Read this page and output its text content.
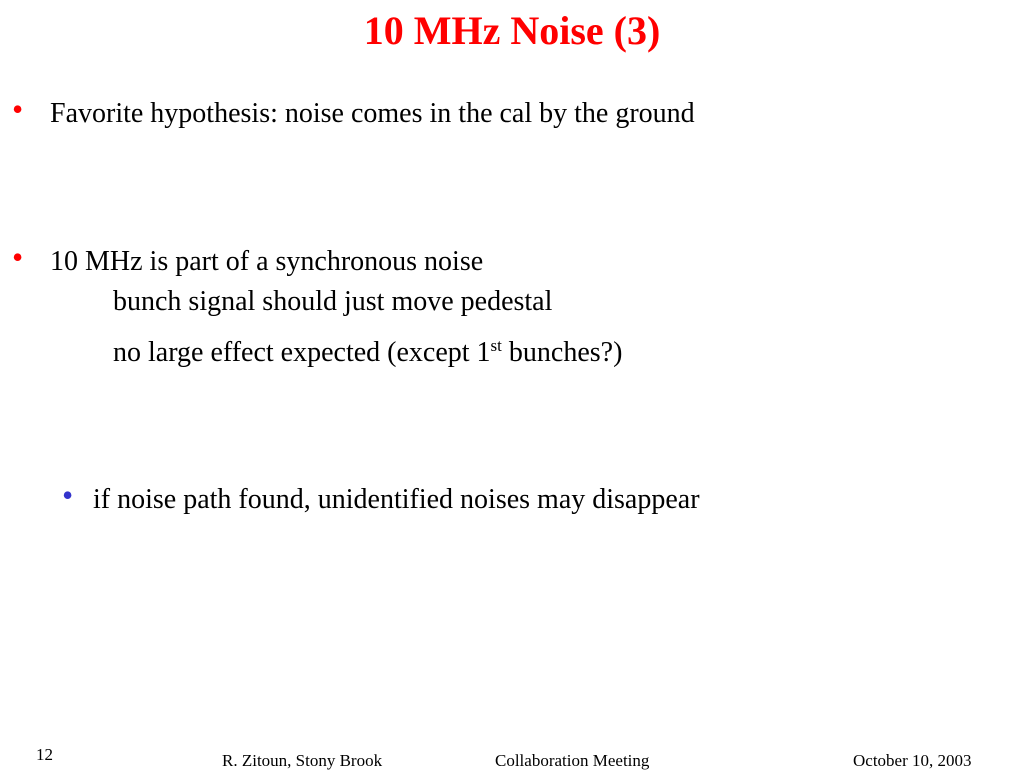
10 MHz Noise (3)
• Favorite hypothesis: noise comes in the cal by the ground
• 10 MHz is part of a synchronous noise
bunch signal should just move pedestal
no large effect expected (except 1st bunches?)
• if noise path found, unidentified noises may disappear
12	R. Zitoun, Stony Brook	Collaboration Meeting	October 10, 2003
